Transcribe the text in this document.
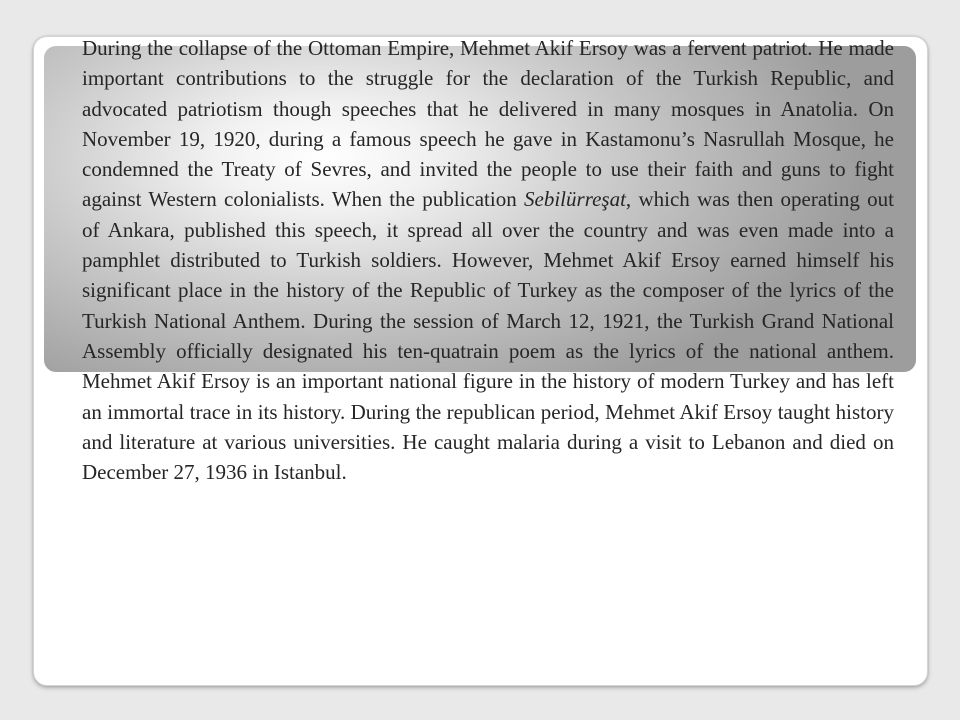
During the collapse of the Ottoman Empire, Mehmet Akif Ersoy was a fervent patriot. He made important contributions to the struggle for the declaration of the Turkish Republic, and advocated patriotism though speeches that he delivered in many mosques in Anatolia. On November 19, 1920, during a famous speech he gave in Kastamonu’s Nasrullah Mosque, he condemned the Treaty of Sevres, and invited the people to use their faith and guns to fight against Western colonialists. When the publication Sebilürreşat, which was then operating out of Ankara, published this speech, it spread all over the country and was even made into a pamphlet distributed to Turkish soldiers. However, Mehmet Akif Ersoy earned himself his significant place in the history of the Republic of Turkey as the composer of the lyrics of the Turkish National Anthem. During the session of March 12, 1921, the Turkish Grand National Assembly officially designated his ten-quatrain poem as the lyrics of the national anthem. Mehmet Akif Ersoy is an important national figure in the history of modern Turkey and has left an immortal trace in its history. During the republican period, Mehmet Akif Ersoy taught history and literature at various universities. He caught malaria during a visit to Lebanon and died on December 27, 1936 in Istanbul.
